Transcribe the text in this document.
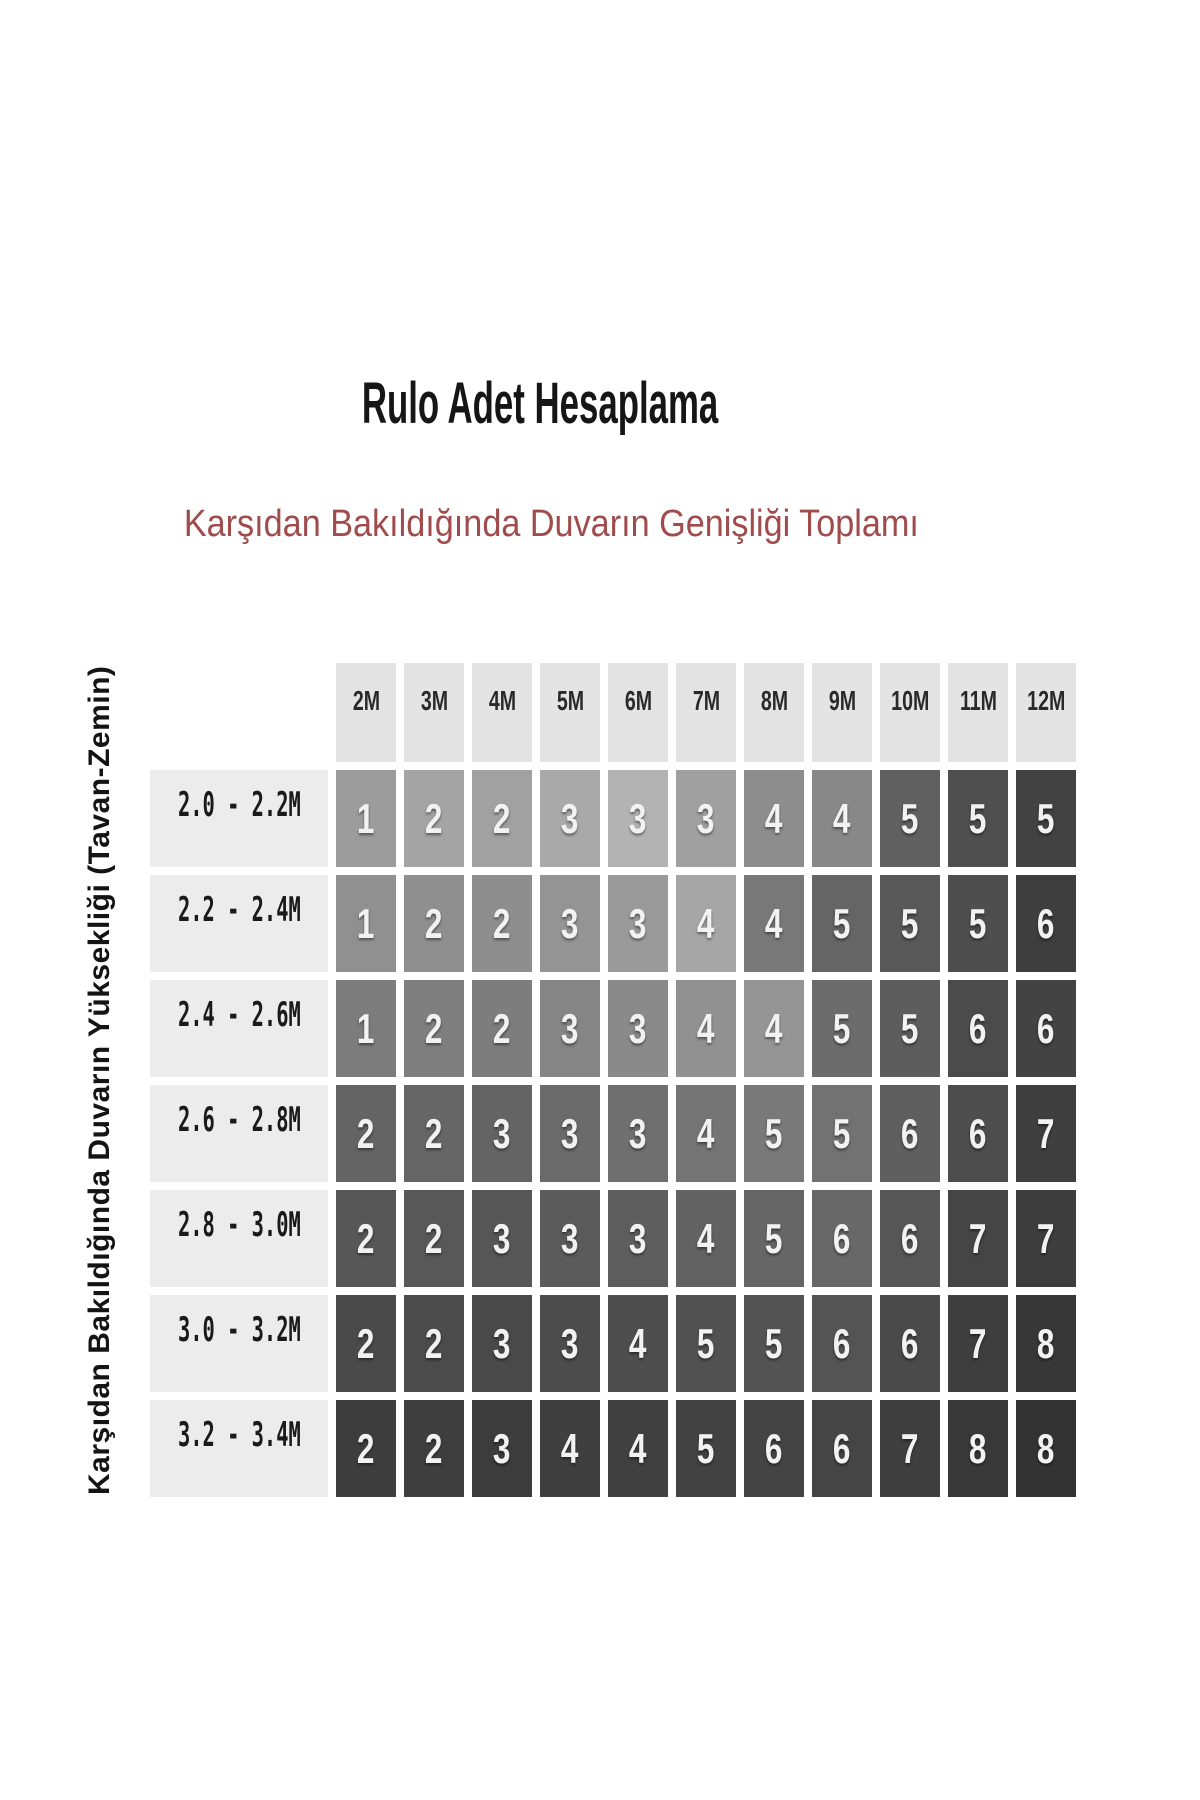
Rulo Adet Hesaplama
Karşıdan Bakıldığında Duvarın Genişliği Toplamı
Karşıdan Bakıldığında Duvarın Yüksekliği (Tavan-Zemin)	2M 3M 4M 5M 6M 7M 8M 9M 10M 11M 12M
2.0 - 2.2M 1 2 2 3 3 3 4 4 5 5 5
2.2 - 2.4M 1 2 2 3 3 4 4 5 5 5 6
2.4 - 2.6M 1 2 2 3 3 4 4 5 5 6 6
2.6 - 2.8M 2 2 3 3 3 4 5 5 6 6 7
2.8 - 3.0M 2 2 3 3 3 4 5 6 6 7 7
3.0 - 3.2M 2 2 3 3 4 5 5 6 6 7 8
3.2 - 3.4M 2 2 3 4 4 5 6 6 7 8 8
